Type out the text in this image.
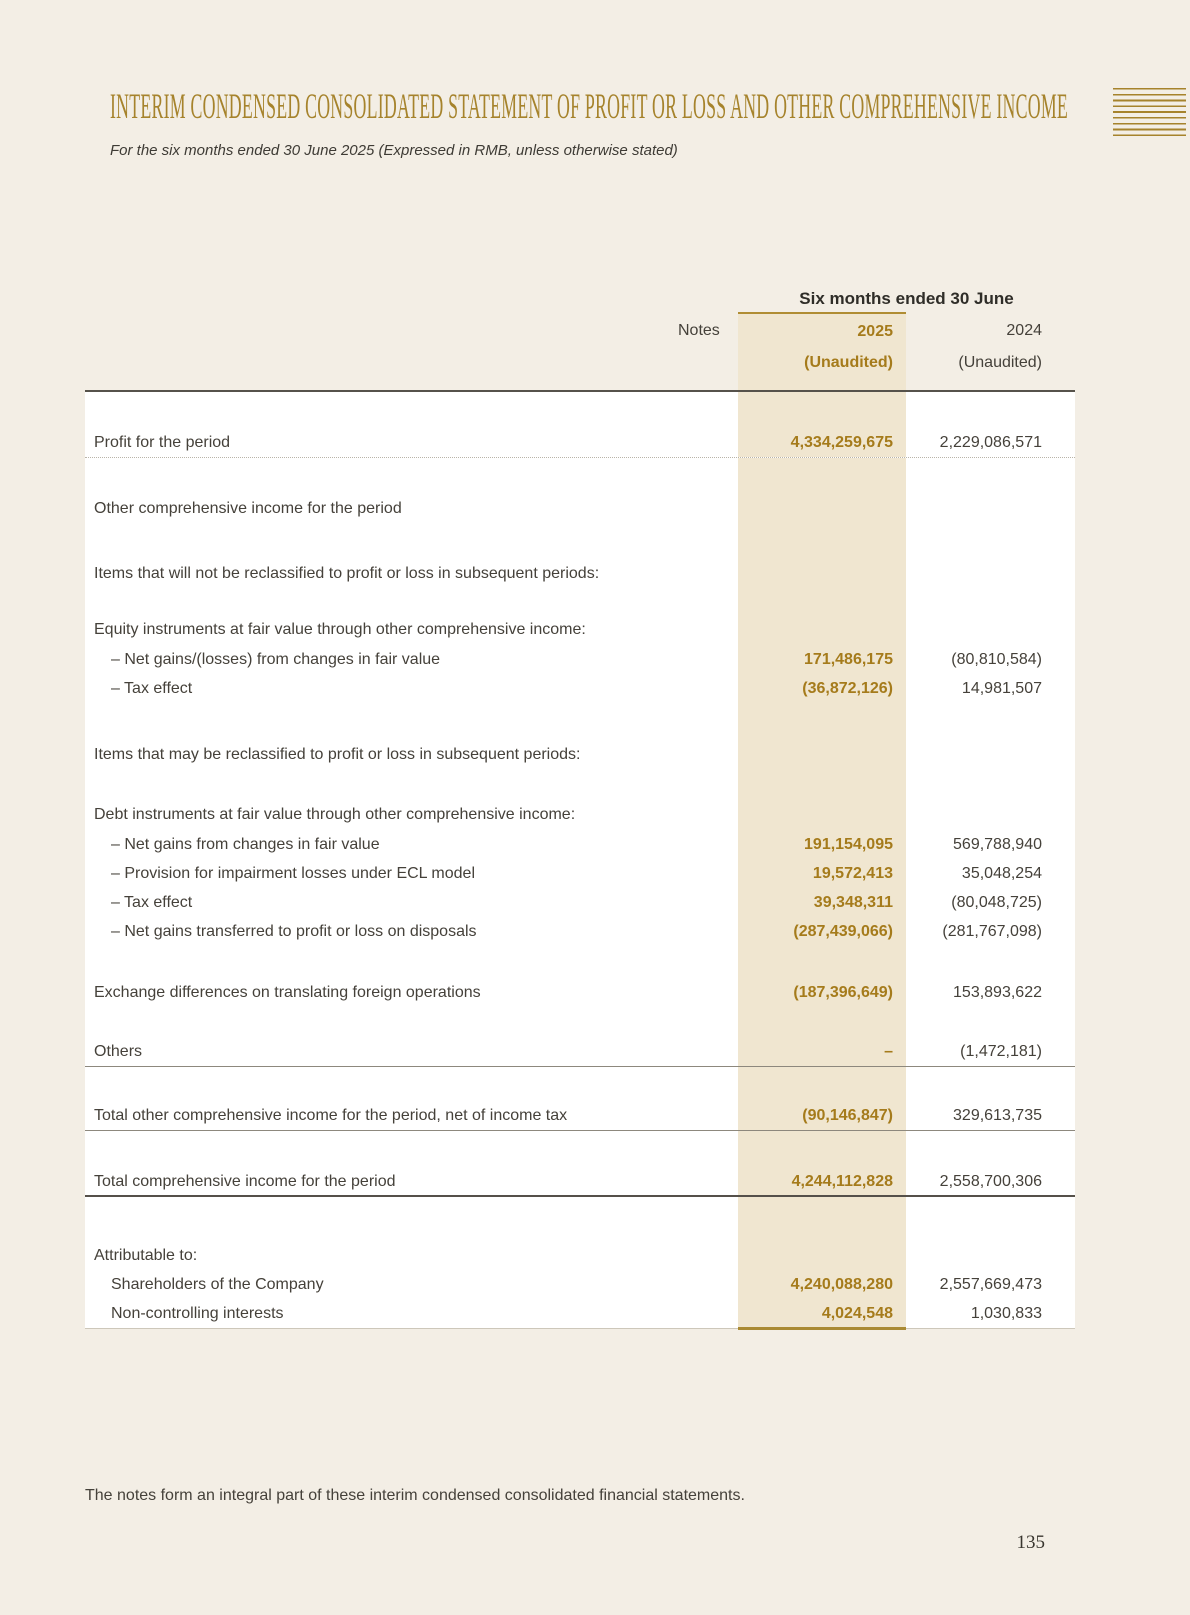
INTERIM CONDENSED CONSOLIDATED STATEMENT OF PROFIT OR LOSS AND OTHER COMPREHENSIVE INCOME

For the six months ended 30 June 2025 (Expressed in RMB, unless otherwise stated)

Six months ended 30 June
Notes	2025	2024
(Unaudited)	(Unaudited)
Profit for the period	4,334,259,675	2,229,086,571
Other comprehensive income for the period
Items that will not be reclassified to profit or loss in subsequent periods:
Equity instruments at fair value through other comprehensive income:
– Net gains/(losses) from changes in fair value	171,486,175	(80,810,584)
– Tax effect	(36,872,126)	14,981,507
Items that may be reclassified to profit or loss in subsequent periods:
Debt instruments at fair value through other comprehensive income:
– Net gains from changes in fair value	191,154,095	569,788,940
– Provision for impairment losses under ECL model	19,572,413	35,048,254
– Tax effect	39,348,311	(80,048,725)
– Net gains transferred to profit or loss on disposals	(287,439,066)	(281,767,098)
Exchange differences on translating foreign operations	(187,396,649)	153,893,622
Others	–	(1,472,181)
Total other comprehensive income for the period, net of income tax	(90,146,847)	329,613,735
Total comprehensive income for the period	4,244,112,828	2,558,700,306
Attributable to:
Shareholders of the Company	4,240,088,280	2,557,669,473
Non-controlling interests	4,024,548	1,030,833

The notes form an integral part of these interim condensed consolidated financial statements.

135
